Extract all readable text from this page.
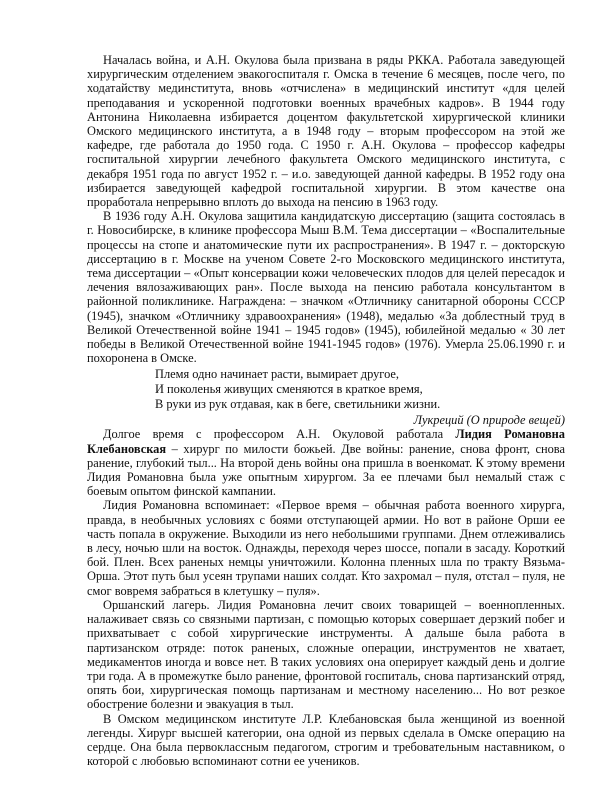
Началась война, и А.Н. Окулова была призвана в ряды РККА. Работала заведующей хирургическим отделением эвакогоспиталя г. Омска в течение 6 месяцев, после чего, по ходатайству мединститута, вновь «отчислена» в медицинский институт «для целей преподавания и ускоренной подготовки военных врачебных кадров». В 1944 году Антонина Николаевна избирается доцентом факультетской хирургической клиники Омского медицинского института, а в 1948 году – вторым профессором на этой же кафедре, где работала до 1950 года. С 1950 г. А.Н. Окулова – профессор кафедры госпитальной хирургии лечебного факультета Омского медицинского института, с декабря 1951 года по август 1952 г. – и.о. заведующей данной кафедры. В 1952 году она избирается заведующей кафедрой госпитальной хирургии. В этом качестве она проработала непрерывно вплоть до выхода на пенсию в 1963 году.

В 1936 году А.Н. Окулова защитила кандидатскую диссертацию (защита состоялась в г. Новосибирске, в клинике профессора Мыш В.М. Тема диссертации – «Воспалительные процессы на стопе и анатомические пути их распространения». В 1947 г. – докторскую диссертацию в г. Москве на ученом Совете 2-го Московского медицинского института, тема диссертации – «Опыт консервации кожи человеческих плодов для целей пересадок и лечения вялозаживающих ран». После выхода на пенсию работала консультантом в районной поликлинике. Награждена: – значком «Отличнику санитарной обороны СССР (1945), значком «Отличнику здравоохранения» (1948), медалью «За доблестный труд в Великой Отечественной войне 1941 – 1945 годов» (1945), юбилейной медалью « 30 лет победы в Великой Отечественной войне 1941-1945 годов» (1976). Умерла 25.06.1990 г. и похоронена в Омске.

Племя одно начинает расти, вымирает другое,
И поколенья живущих сменяются в краткое время,
В руки из рук отдавая, как в беге, светильники жизни.
Лукреций (О природе вещей)

Долгое время с профессором А.Н. Окуловой работала Лидия Романовна Клебановская – хирург по милости божьей. Две войны: ранение, снова фронт, снова ранение, глубокий тыл... На второй день войны она пришла в военкомат. К этому времени Лидия Романовна была уже опытным хирургом. За ее плечами был немалый стаж с боевым опытом финской кампании.

Лидия Романовна вспоминает: «Первое время – обычная работа военного хирурга, правда, в необычных условиях с боями отступающей армии. Но вот в районе Орши ее часть попала в окружение. Выходили из него небольшими группами. Днем отлеживались в лесу, ночью шли на восток. Однажды, переходя через шоссе, попали в засаду. Короткий бой. Плен. Всех раненых немцы уничтожили. Колонна пленных шла по тракту Вязьма-Орша. Этот путь был усеян трупами наших солдат. Кто захромал – пуля, отстал – пуля, не смог вовремя забраться в клетушку – пуля».

Оршанский лагерь. Лидия Романовна лечит своих товарищей – военнопленных. налаживает связь со связными партизан, с помощью которых совершает дерзкий побег и прихватывает с собой хирургические инструменты. А дальше была работа в партизанском отряде: поток раненых, сложные операции, инструментов не хватает, медикаментов иногда и вовсе нет. В таких условиях она оперирует каждый день и долгие три года. А в промежутке было ранение, фронтовой госпиталь, снова партизанский отряд, опять бои, хирургическая помощь партизанам и местному населению... Но вот резкое обострение болезни и эвакуация в тыл.

В Омском медицинском институте Л.Р. Клебановская была женщиной из военной легенды. Хирург высшей категории, она одной из первых сделала в Омске операцию на сердце. Она была первоклассным педагогом, строгим и требовательным наставником, о которой с любовью вспоминают сотни ее учеников.
